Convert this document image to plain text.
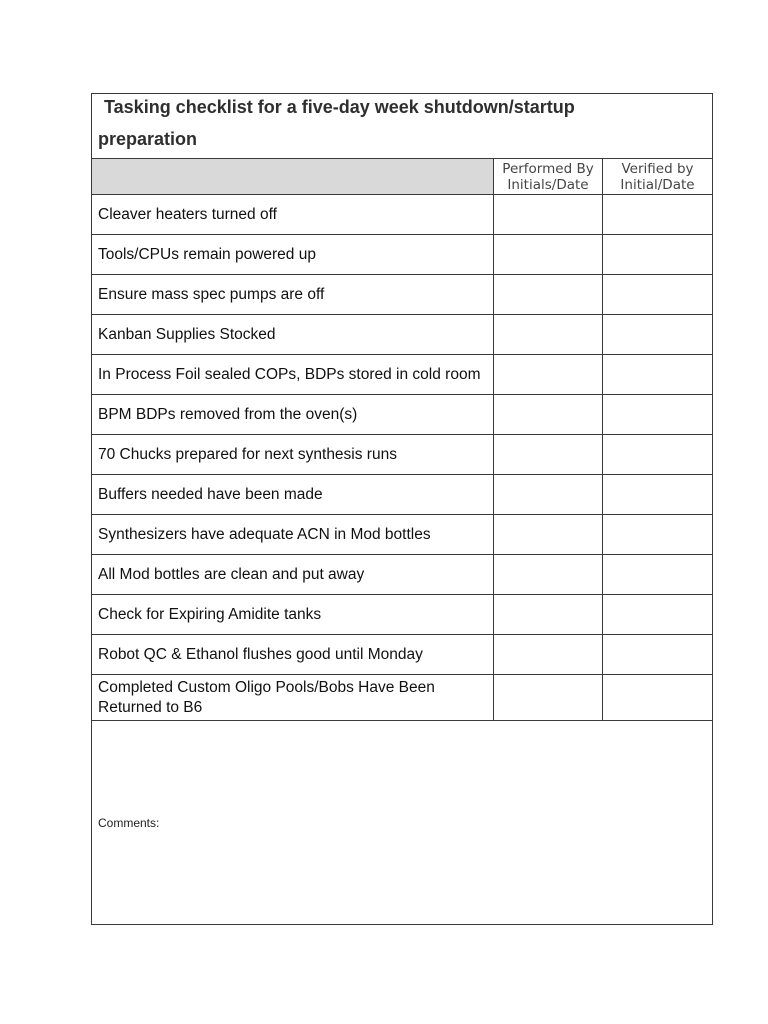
Tasking checklist for a five-day week shutdown/startup preparation		

	Performed By Initials/Date	Verified by Initial/Date
Cleaver heaters turned off		
Tools/CPUs remain powered up		
Ensure mass spec pumps are off		
Kanban Supplies Stocked		
In Process Foil sealed COPs, BDPs stored in cold room		
BPM BDPs removed from the oven(s)		
70 Chucks prepared for next synthesis runs		
Buffers needed have been made		
Synthesizers have adequate ACN in Mod bottles		
All Mod bottles are clean and put away		
Check for Expiring Amidite tanks		
Robot QC & Ethanol flushes good until Monday		
Completed Custom Oligo Pools/Bobs Have Been Returned to B6		
Comments:		
